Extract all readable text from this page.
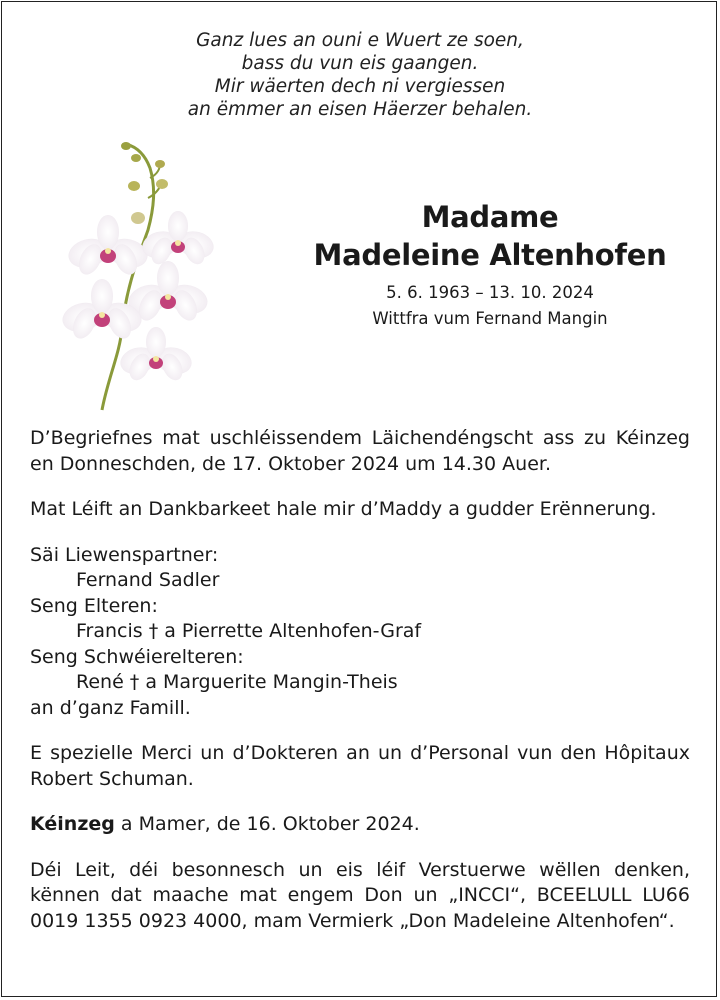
Ganz lues an ouni e Wuert ze soen,
bass du vun eis gaangen.
Mir wäerten dech ni vergiessen
an ëmmer an eisen Häerzer behalen.
Madame
Madeleine Altenhofen
5. 6. 1963 – 13. 10. 2024
Wittfra vum Fernand Mangin

D’Begriefnes mat uschléissendem Läichendéngscht ass zu Kéinzeg en Donneschden, de 17. Oktober 2024 um 14.30 Auer.

Mat Léift an Dankbarkeet hale mir d’Maddy a gudder Erënnerung.

Säi Liewenspartner:
Fernand Sadler
Seng Elteren:
Francis † a Pierrette Altenhofen-Graf
Seng Schwéierelteren:
René † a Marguerite Mangin-Theis
an d’ganz Famill.

E spezielle Merci un d’Dokteren an un d’Personal vun den Hôpitaux Robert Schuman.

Kéinzeg a Mamer, de 16. Oktober 2024.

Déi Leit, déi besonnesch un eis léif Verstuerwe wëllen denken, kënnen dat maache mat engem Don un „INCCI“, BCEELULL LU66 0019 1355 0923 4000, mam Vermierk „Don Madeleine Altenhofen“.
